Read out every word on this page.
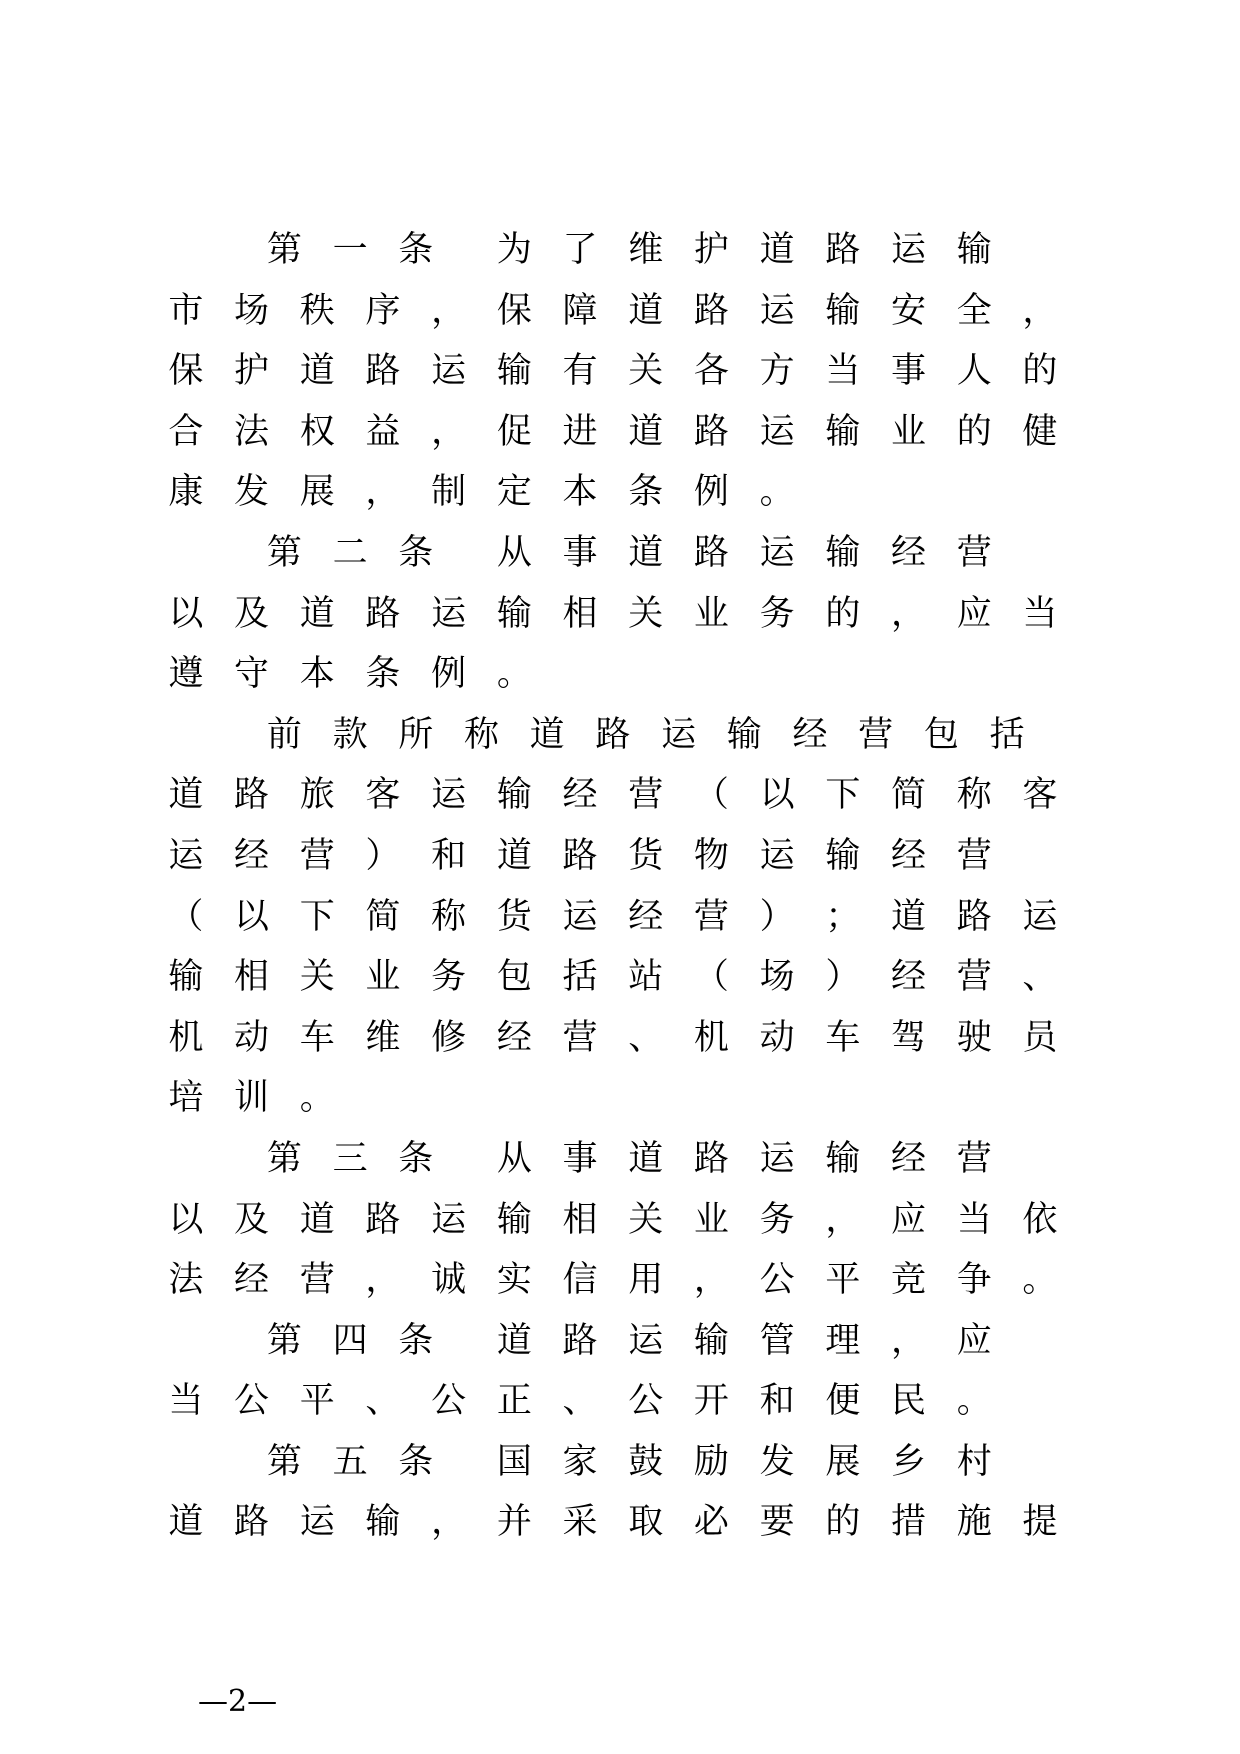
第 一 条 为 了 维 护 道 路 运 输
市 场 秩 序 ， 保 障 道 路 运 输 安 全 ，
保 护 道 路 运 输 有 关 各 方 当 事 人 的
合 法 权 益 ， 促 进 道 路 运 输 业 的 健
康 发 展 ， 制 定 本 条 例 。
第 二 条 从 事 道 路 运 输 经 营
以 及 道 路 运 输 相 关 业 务 的 ， 应 当
遵 守 本 条 例 。
前 款 所 称 道 路 运 输 经 营 包 括
道 路 旅 客 运 输 经 营 （ 以 下 简 称 客
运 经 营 ） 和 道 路 货 物 运 输 经 营
（ 以 下 简 称 货 运 经 营 ） ； 道 路 运
输 相 关 业 务 包 括 站 （ 场 ） 经 营 、
机 动 车 维 修 经 营 、 机 动 车 驾 驶 员
培 训 。
第 三 条 从 事 道 路 运 输 经 营
以 及 道 路 运 输 相 关 业 务 ， 应 当 依
法 经 营 ， 诚 实 信 用 ， 公 平 竞 争 。
第 四 条 道 路 运 输 管 理 ， 应
当 公 平 、 公 正 、 公 开 和 便 民 。
第 五 条 国 家 鼓 励 发 展 乡 村
道 路 运 输 ， 并 采 取 必 要 的 措 施 提
—2—
